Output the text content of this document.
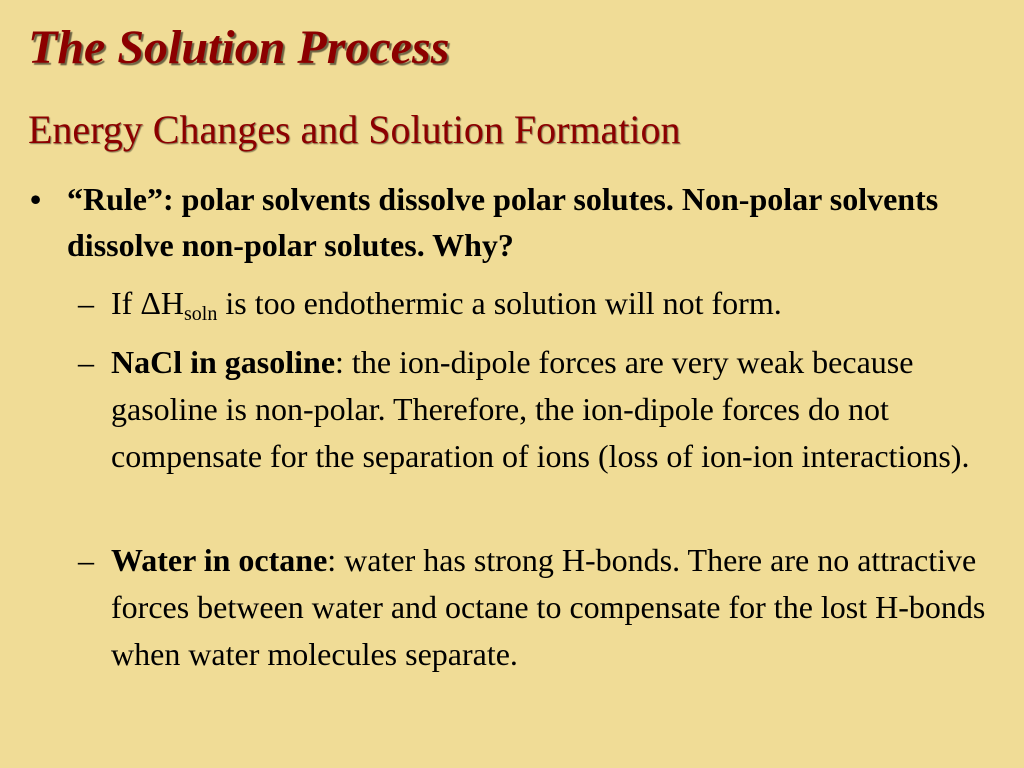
The Solution Process
Energy Changes and Solution Formation
• “Rule”: polar solvents dissolve polar solutes. Non-polar solvents dissolve non-polar solutes. Why?
– If $\Delta H_{soln}$ is too endothermic a solution will not form.
– NaCl in gasoline: the ion-dipole forces are very weak because gasoline is non-polar. Therefore, the ion-dipole forces do not compensate for the separation of ions (loss of ion-ion interactions).
– Water in octane: water has strong H-bonds. There are no attractive forces between water and octane to compensate for the lost H-bonds when water molecules separate.
